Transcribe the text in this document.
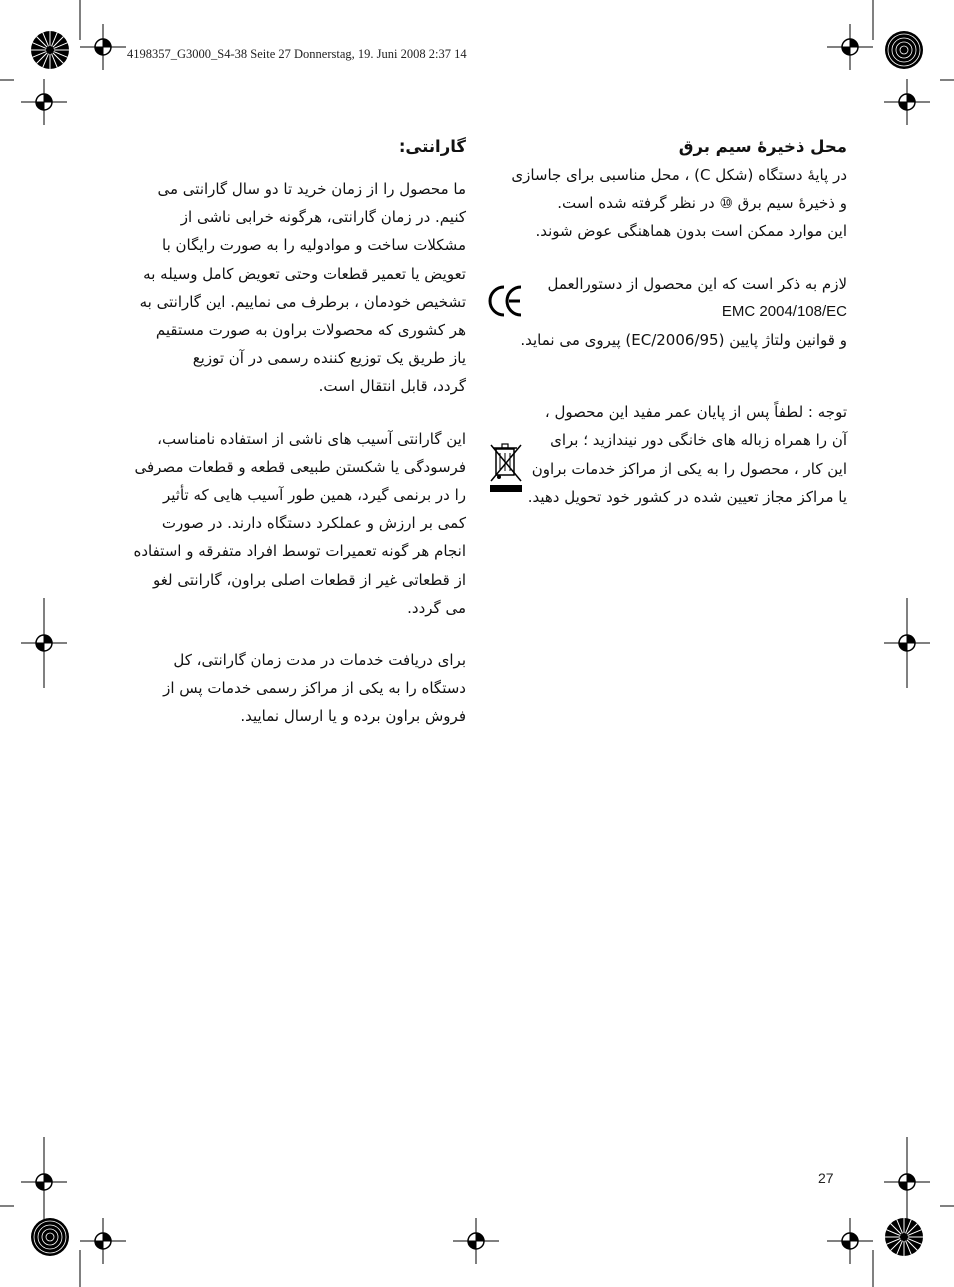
4198357_G3000_S4-38 Seite 27 Donnerstag, 19. Juni 2008 2:37 14

محل ذخیرهٔ سیم برق

در پایهٔ دستگاه (شکل C) ، محل مناسبی برای جاسازی

و ذخیرهٔ سیم برق ⑩ در نظر گرفته شده است.

این موارد ممکن است بدون هماهنگی عوض شوند.

لازم به ذکر است که این محصول از دستورالعمل

EMC 2004/108/EC

و قوانین ولتاژ پایین (2006/95/EC) پیروی می نماید.

توجه : لطفاً پس از پایان عمر مفید این محصول ،

آن را همراه زباله های خانگی دور نیندازید ؛ برای

این کار ، محصول را به یکی از مراکز خدمات براون

یا مراکز مجاز تعیین شده در کشور خود تحویل دهید.

گارانتی:

ما محصول را از زمان خرید تا دو سال گارانتی می

کنیم. در زمان گارانتی، هرگونه خرابی ناشی از

مشکلات ساخت و موادولیه را به صورت رایگان با

تعویض یا تعمیر قطعات وحتی تعویض کامل وسیله به

تشخیص خودمان ، برطرف می نماییم. این گارانتی به

هر کشوری که محصولات براون به صورت مستقیم

یاز طریق یک توزیع کننده رسمی در آن توزیع

گردد، قابل انتقال است.

این گارانتی آسیب های ناشی از استفاده نامناسب،

فرسودگی یا شکستن طبیعی قطعه و قطعات مصرفی

را در برنمی گیرد، همین طور آسیب هایی که تأثیر

کمی بر ارزش و عملکرد دستگاه دارند. در صورت

انجام هر گونه تعمیرات توسط افراد متفرقه و استفاده

از قطعاتی غیر از قطعات اصلی براون، گارانتی لغو

می گردد.

برای دریافت خدمات در مدت زمان گارانتی، کل

دستگاه را به یکی از مراکز رسمی خدمات پس از

فروش براون برده و یا ارسال نمایید.

27
